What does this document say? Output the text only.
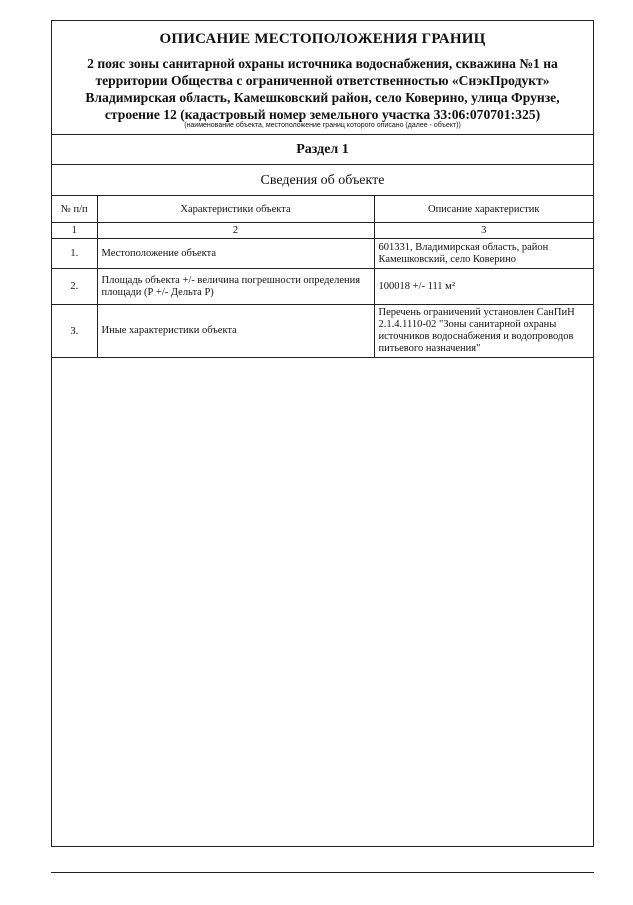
ОПИСАНИЕ МЕСТОПОЛОЖЕНИЯ ГРАНИЦ
2 пояс зоны санитарной охраны источника водоснабжения, скважина №1 на территории Общества с ограниченной ответственностью «СнэкПродукт» Владимирская область, Камешковский район, село Коверино, улица Фрунзе, строение 12 (кадастровый номер земельного участка 33:06:070701:325)
(наименование объекта, местоположение границ которого описано (далее - объект))
Раздел 1
Сведения об объекте
№ п/п	Характеристики объекта	Описание характеристик
1	2	3
1.	Местоположение объекта	601331, Владимирская область, район Камешковский, село Коверино
2.	Площадь объекта +/- величина погрешности определения площади (Р +/- Дельта Р)	100018 +/- 111 м²
3.	Иные характеристики объекта	Перечень ограничений установлен СанПиН 2.1.4.1110-02 "Зоны санитарной охраны источников водоснабжения и водопроводов питьевого назначения"
